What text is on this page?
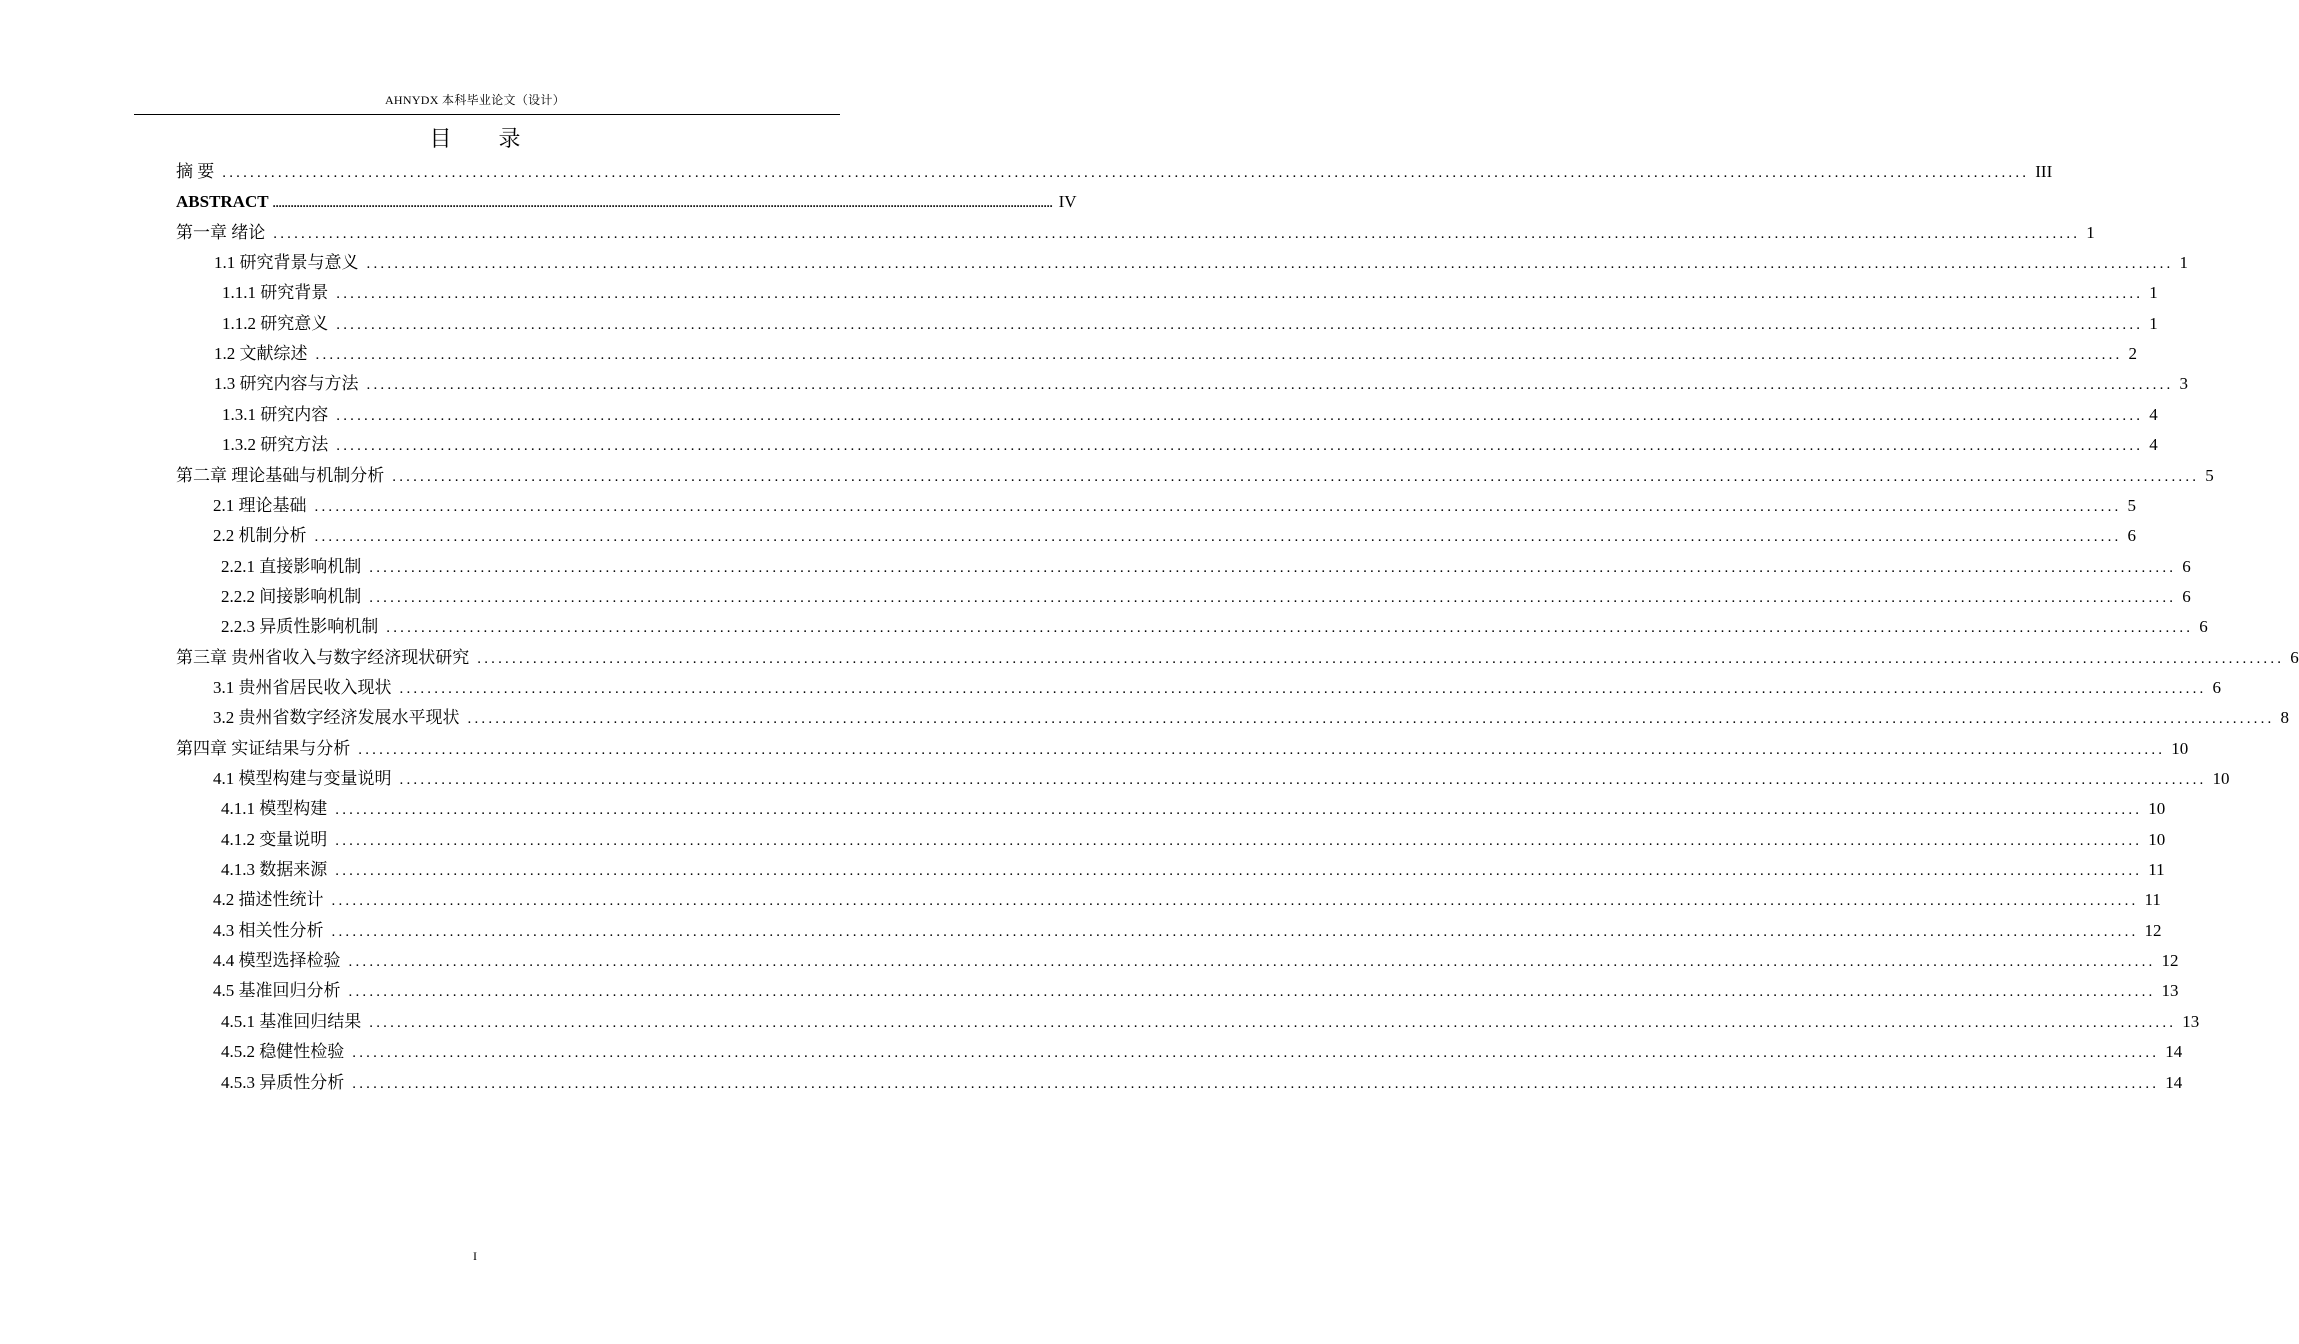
AHNYDX 本科毕业论文（设计）
目 录
摘 要 .................................................................................................................................................................................................................................................................... III
ABSTRACT .................................................................................................................................................................................................................................................................... IV
第一章 绪论 .................................................................................................................................................................................................................................................................... 1
1.1 研究背景与意义 .................................................................................................................................................................................................................................................................... 1
1.1.1 研究背景 .................................................................................................................................................................................................................................................................... 1
1.1.2 研究意义 .................................................................................................................................................................................................................................................................... 1
1.2 文献综述 .................................................................................................................................................................................................................................................................... 2
1.3 研究内容与方法 .................................................................................................................................................................................................................................................................... 3
1.3.1 研究内容 .................................................................................................................................................................................................................................................................... 4
1.3.2 研究方法 .................................................................................................................................................................................................................................................................... 4
第二章 理论基础与机制分析 .................................................................................................................................................................................................................................................................... 5
2.1 理论基础 .................................................................................................................................................................................................................................................................... 5
2.2 机制分析 .................................................................................................................................................................................................................................................................... 6
2.2.1 直接影响机制 .................................................................................................................................................................................................................................................................... 6
2.2.2 间接影响机制 .................................................................................................................................................................................................................................................................... 6
2.2.3 异质性影响机制 .................................................................................................................................................................................................................................................................... 6
第三章 贵州省收入与数字经济现状研究 .................................................................................................................................................................................................................................................................... 6
3.1 贵州省居民收入现状 .................................................................................................................................................................................................................................................................... 6
3.2 贵州省数字经济发展水平现状 .................................................................................................................................................................................................................................................................... 8
第四章 实证结果与分析 .................................................................................................................................................................................................................................................................... 10
4.1 模型构建与变量说明 .................................................................................................................................................................................................................................................................... 10
4.1.1 模型构建 .................................................................................................................................................................................................................................................................... 10
4.1.2 变量说明 .................................................................................................................................................................................................................................................................... 10
4.1.3 数据来源 .................................................................................................................................................................................................................................................................... 11
4.2 描述性统计 .................................................................................................................................................................................................................................................................... 11
4.3 相关性分析 .................................................................................................................................................................................................................................................................... 12
4.4 模型选择检验 .................................................................................................................................................................................................................................................................... 12
4.5 基准回归分析 .................................................................................................................................................................................................................................................................... 13
4.5.1 基准回归结果 .................................................................................................................................................................................................................................................................... 13
4.5.2 稳健性检验 .................................................................................................................................................................................................................................................................... 14
4.5.3 异质性分析 .................................................................................................................................................................................................................................................................... 14
I
